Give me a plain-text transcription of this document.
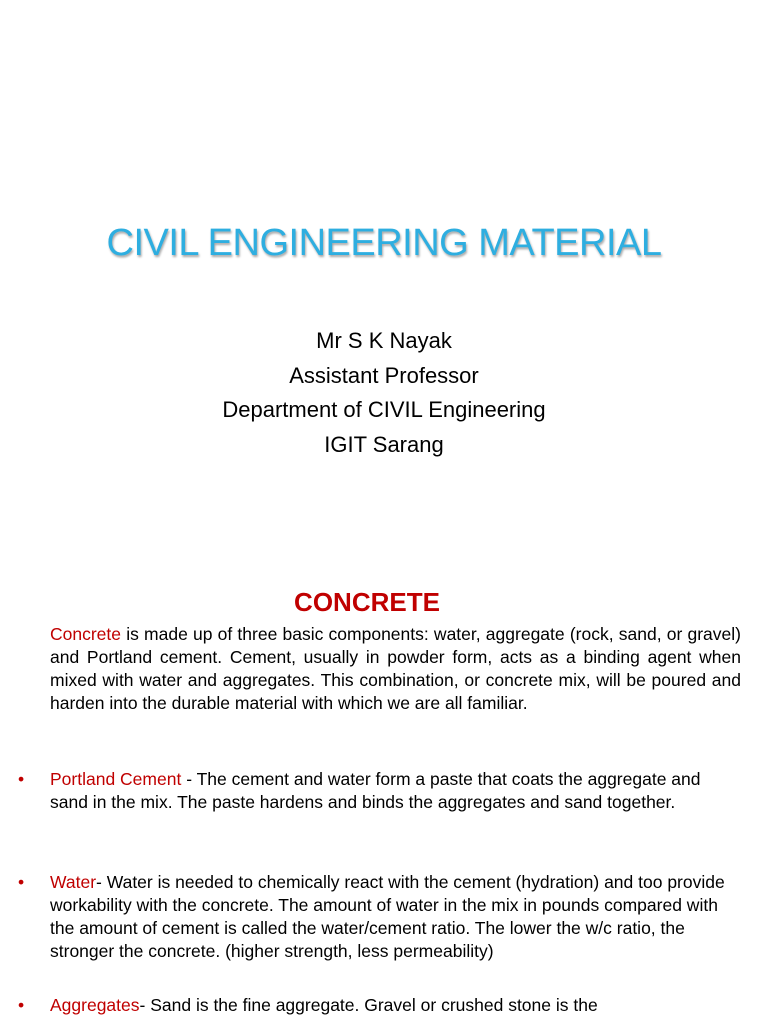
CIVIL ENGINEERING MATERIAL
Mr S K Nayak
Assistant Professor
Department of CIVIL Engineering
IGIT Sarang
CONCRETE
Concrete is made up of three basic components: water, aggregate (rock, sand, or gravel) and Portland cement. Cement, usually in powder form, acts as a binding agent when mixed with water and aggregates. This combination, or concrete mix, will be poured and harden into the durable material with which we are all familiar.
• Portland Cement - The cement and water form a paste that coats the aggregate and sand in the mix. The paste hardens and binds the aggregates and sand together.
• Water- Water is needed to chemically react with the cement (hydration) and too provide workability with the concrete. The amount of water in the mix in pounds compared with the amount of cement is called the water/cement ratio. The lower the w/c ratio, the stronger the concrete. (higher strength, less permeability)
• Aggregates- Sand is the fine aggregate. Gravel or crushed stone is the
